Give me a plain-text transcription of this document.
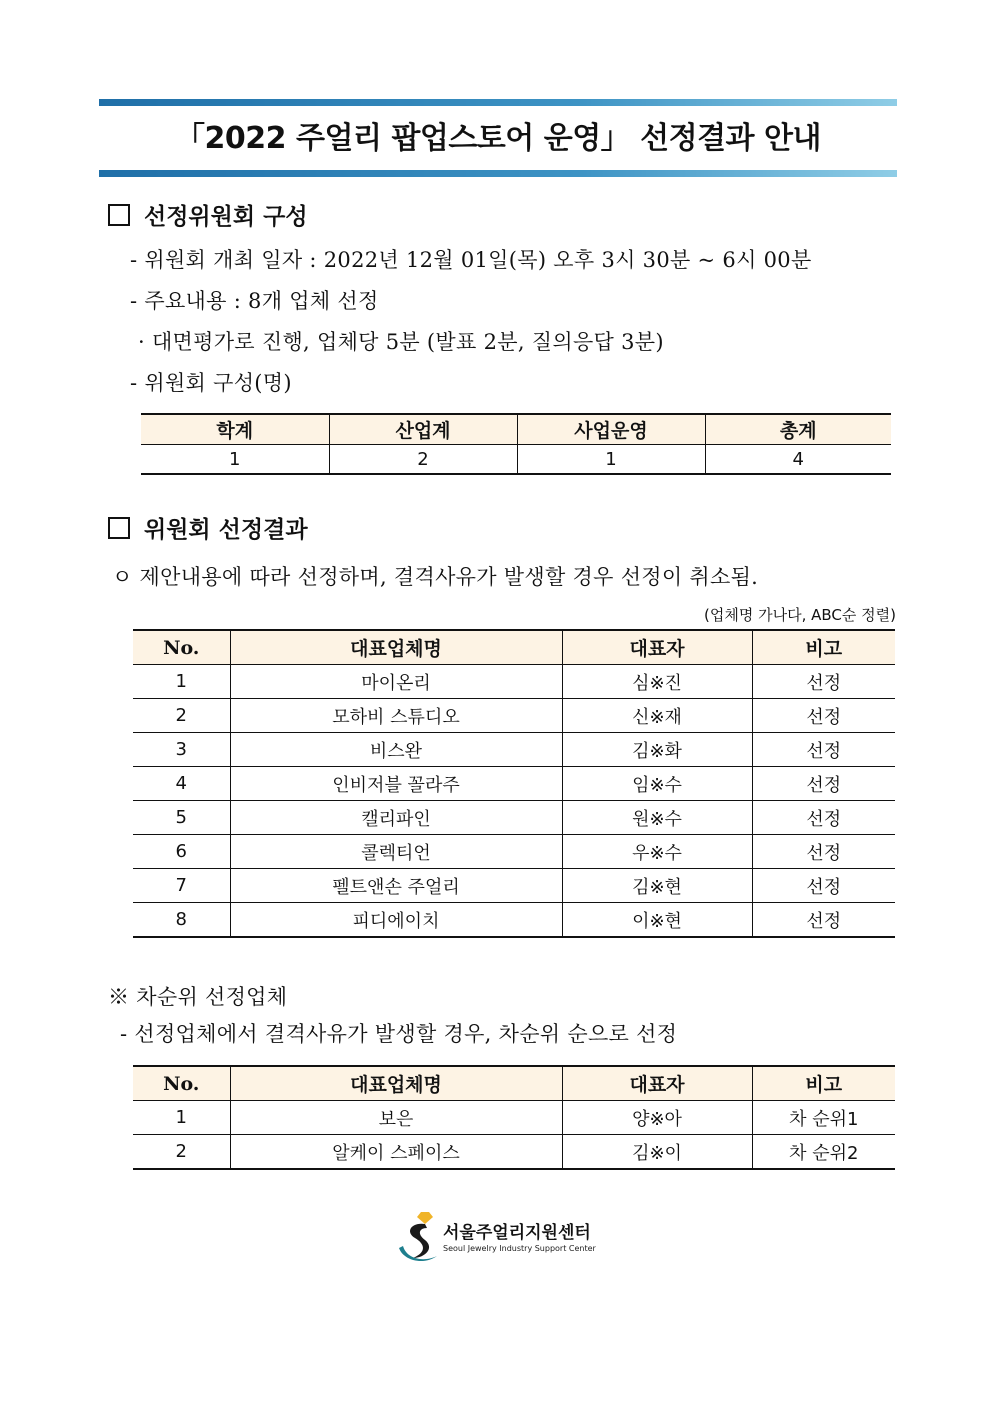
「2022 주얼리 팝업스토어 운영」 선정결과 안내
선정위원회 구성
- 위원회 개최 일자 : 2022년 12월 01일(목) 오후 3시 30분 ~ 6시 00분
- 주요내용 : 8개 업체 선정
· 대면평가로 진행, 업체당 5분 (발표 2분, 질의응답 3분)
- 위원회 구성(명)
학계	산업계	사업운영	총계
1	2	1	4
위원회 선정결과
ㅇ 제안내용에 따라 선정하며, 결격사유가 발생할 경우 선정이 취소됨.
(업체명 가나다, ABC순 정렬)
No.	대표업체명	대표자	비고
1	마이온리	심※진	선정
2	모하비 스튜디오	신※재	선정
3	비스완	김※화	선정
4	인비저블 꼴라주	임※수	선정
5	캘리파인	원※수	선정
6	콜렉티언	우※수	선정
7	펠트앤손 주얼리	김※현	선정
8	피디에이치	이※현	선정
※ 차순위 선정업체
- 선정업체에서 결격사유가 발생할 경우, 차순위 순으로 선정
No.	대표업체명	대표자	비고
1	보은	양※아	차 순위1
2	알케이 스페이스	김※이	차 순위2
서울주얼리지원센터
Seoul Jewelry Industry Support Center
